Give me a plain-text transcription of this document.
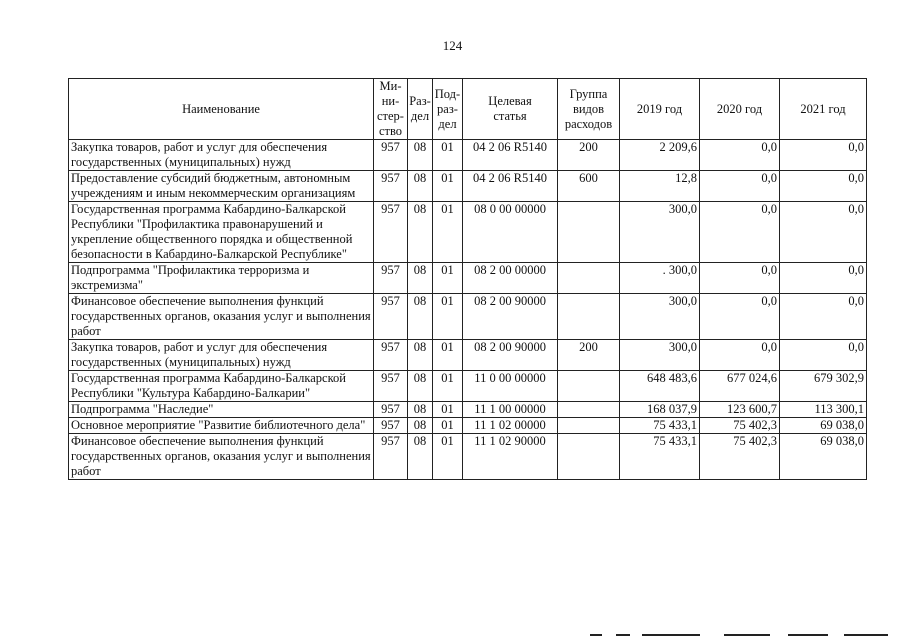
124
Наименование	Ми-
ни-
стер-
ство	Раз-
дел	Под-
раз-
дел	Целевая
статья	Группа
видов
расходов	2019 год	2020 год	2021 год
Закупка товаров, работ и услуг для обеспечения государственных (муниципальных) нужд	957	08	01	04 2 06 R5140	200	2 209,6	0,0	0,0
Предоставление субсидий бюджетным, автономным учреждениям и иным некоммерческим организациям	957	08	01	04 2 06 R5140	600	12,8	0,0	0,0
Государственная программа Кабардино-Балкарской Республики "Профилактика правонарушений и укрепление общественного порядка и общественной безопасности в Кабардино-Балкарской Республике"	957	08	01	08 0 00 00000		300,0	0,0	0,0
Подпрограмма "Профилактика терроризма и экстремизма"	957	08	01	08 2 00 00000		. 300,0	0,0	0,0
Финансовое обеспечение выполнения функций государственных органов, оказания услуг и выполнения работ	957	08	01	08 2 00 90000		300,0	0,0	0,0
Закупка товаров, работ и услуг для обеспечения государственных (муниципальных) нужд	957	08	01	08 2 00 90000	200	300,0	0,0	0,0
Государственная программа Кабардино-Балкарской Республики "Культура Кабардино-Балкарии"	957	08	01	11 0 00 00000		648 483,6	677 024,6	679 302,9
Подпрограмма "Наследие"	957	08	01	11 1 00 00000		168 037,9	123 600,7	113 300,1
Основное мероприятие "Развитие библиотечного дела"	957	08	01	11 1 02 00000		75 433,1	75 402,3	69 038,0
Финансовое обеспечение выполнения функций государственных органов, оказания услуг и выполнения работ	957	08	01	11 1 02 90000		75 433,1	75 402,3	69 038,0
